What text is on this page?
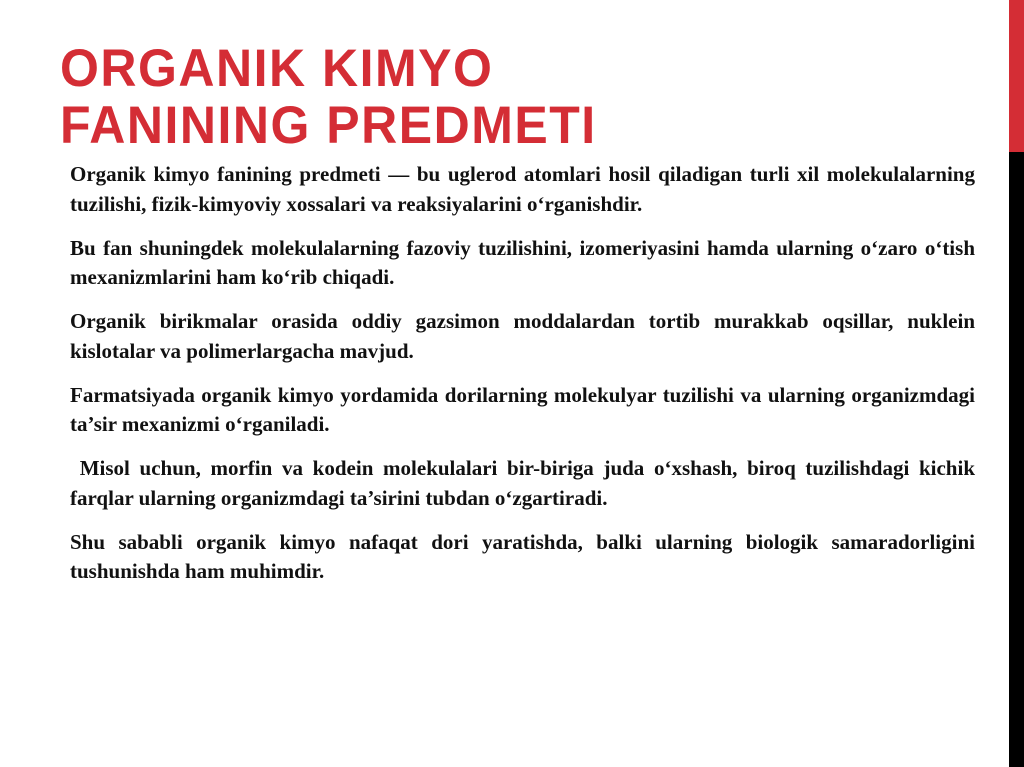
ORGANIK KIMYO
FANINING PREDMETI

Organik kimyo fanining predmeti — bu uglerod atomlari hosil qiladigan turli xil molekulalarning tuzilishi, fizik-kimyoviy xossalari va reaksiyalarini o‘rganishdir.

Bu fan shuningdek molekulalarning fazoviy tuzilishini, izomeriyasini hamda ularning o‘zaro o‘tish mexanizmlarini ham ko‘rib chiqadi.

Organik birikmalar orasida oddiy gazsimon moddalardan tortib murakkab oqsillar, nuklein kislotalar va polimerlargacha mavjud.

Farmatsiyada organik kimyo yordamida dorilarning molekulyar tuzilishi va ularning organizmdagi ta’sir mexanizmi o‘rganiladi.

Misol uchun, morfin va kodein molekulalari bir-biriga juda o‘xshash, biroq tuzilishdagi kichik farqlar ularning organizmdagi ta’sirini tubdan o‘zgartiradi.

Shu sababli organik kimyo nafaqat dori yaratishda, balki ularning biologik samaradorligini tushunishda ham muhimdir.
